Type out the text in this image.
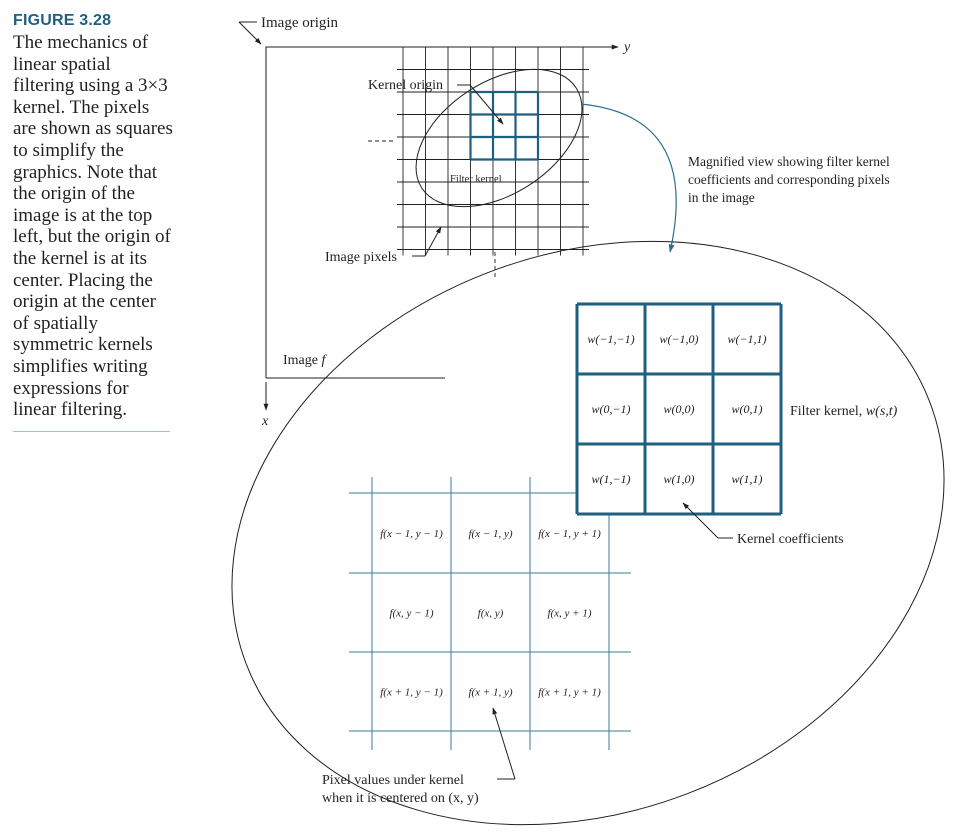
FIGURE 3.28
The mechanics of linear spatial filtering using a 3×3 kernel. The pixels are shown as squares to simplify the graphics. Note that the origin of the image is at the top left, but the origin of the kernel is at its center. Placing the origin at the center of spatially symmetric kernels simplifies writing expressions for linear filtering.
y
x
Image origin
Kernel origin
Filter kernel
Image pixels
Image f
Magnified view showing filter kernel coefficients and corresponding pixels in the image
f(x − 1, y − 1) f(x − 1, y) f(x − 1, y + 1)
f(x, y − 1)	f(x, y)	f(x, y + 1)
f(x + 1, y − 1) f(x + 1, y) f(x + 1, y + 1)
w(−1,−1) w(−1,0) w(−1,1)
w(0,−1)	w(0,0)	w(0,1)
w(1,−1)	w(1,0)	w(1,1)
Filter kernel, w(s,t)
Kernel coefficients
Pixel values under kernel when it is centered on (x, y)
